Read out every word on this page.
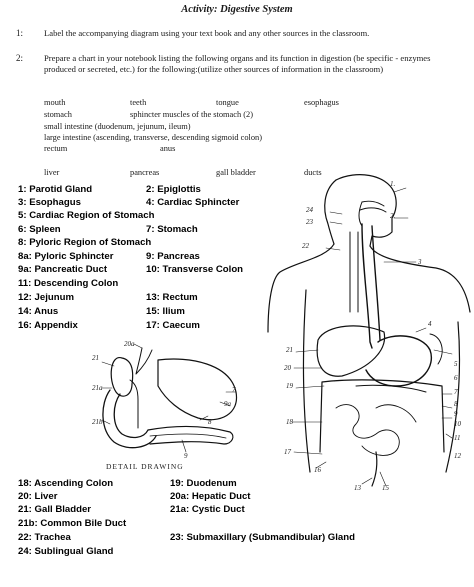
Activity: Digestive System
1: Label the accompanying diagram using your text book and any other sources in the classroom.
2: Prepare a chart in your notebook listing the following organs and its function in digestion (be specific - enzymes produced or secreted, etc.) for the following:(utilize other sources of information in the classroom)
mouth	teeth	tongue	esophagus
stomach	sphincter muscles of the stomach (2)
small intestine (duodenum, jejunum, ileum)
large intestine (ascending, transverse, descending sigmoid colon)
rectum	anus
liver	pancreas	gall bladder	ducts
1: Parotid Gland	2: Epiglottis
3: Esophagus	4: Cardiac Sphincter
5: Cardiac Region of Stomach
6: Spleen	7: Stomach
8: Pyloric Region of Stomach
8a: Pyloric Sphincter	9: Pancreas
9a: Pancreatic Duct	10: Transverse Colon
11: Descending Colon
12: Jejunum	13: Rectum
14: Anus	15: Ilium
16: Appendix	17: Caecum
18: Ascending Colon	19: Duodenum
20: Liver	20a: Hepatic Duct
21: Gall Bladder	21a: Cystic Duct
21b: Common Bile Duct
22: Trachea	23: Submaxillary (Submandibular) Gland
24: Sublingual Gland
21
20a
21a
21b
7
9a
8
9
DETAIL DRAWING
1.
24
2.
23
22
3
21
20
19
18
17
16
4
5
6
7
8
9
10
11
12
13	15
